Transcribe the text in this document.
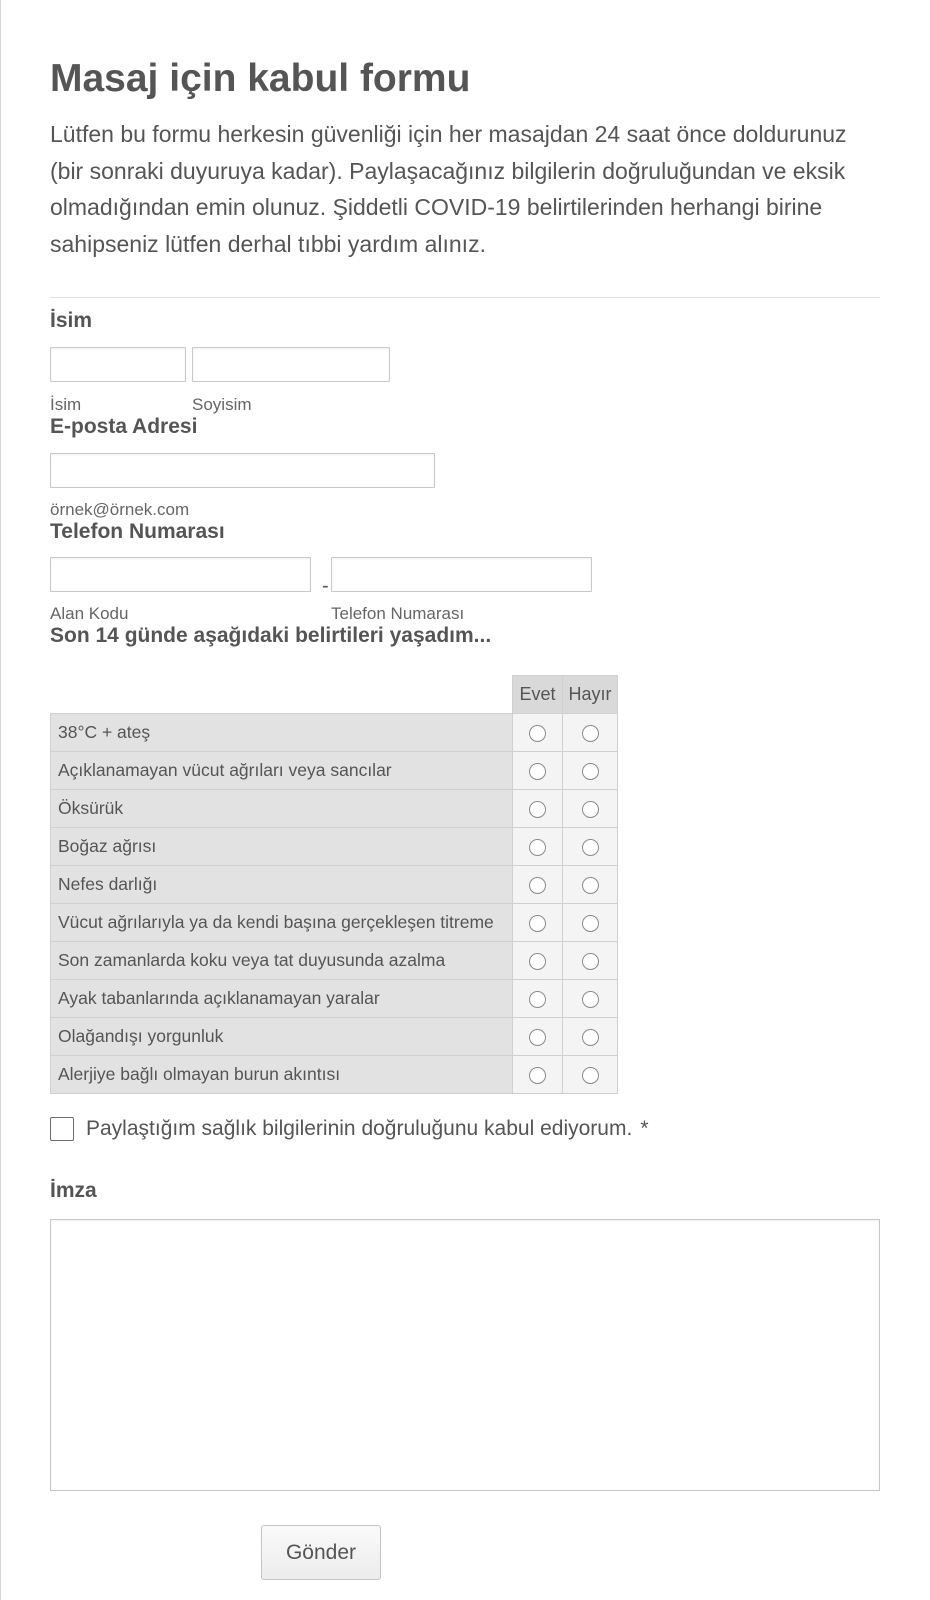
Masaj için kabul formu

Lütfen bu formu herkesin güvenliği için her masajdan 24 saat önce doldurunuz (bir sonraki duyuruya kadar). Paylaşacağınız bilgilerin doğruluğundan ve eksik olmadığından emin olunuz. Şiddetli COVID-19 belirtilerinden herhangi birine sahipseniz lütfen derhal tıbbi yardım alınız.

İsim
İsim	Soyisim
E-posta Adresi
örnek@örnek.com
Telefon Numarası
-
Alan Kodu	Telefon Numarası
Son 14 günde aşağıdaki belirtileri yaşadım...
	Evet	Hayır
38°C + ateş		
Açıklanamayan vücut ağrıları veya sancılar		
Öksürük		
Boğaz ağrısı		
Nefes darlığı		
Vücut ağrılarıyla ya da kendi başına gerçekleşen titreme		
Son zamanlarda koku veya tat duyusunda azalma		
Ayak tabanlarında açıklanamayan yaralar		
Olağandışı yorgunluk		
Alerjiye bağlı olmayan burun akıntısı		
Paylaştığım sağlık bilgilerinin doğruluğunu kabul ediyorum. *
İmza
Gönder
